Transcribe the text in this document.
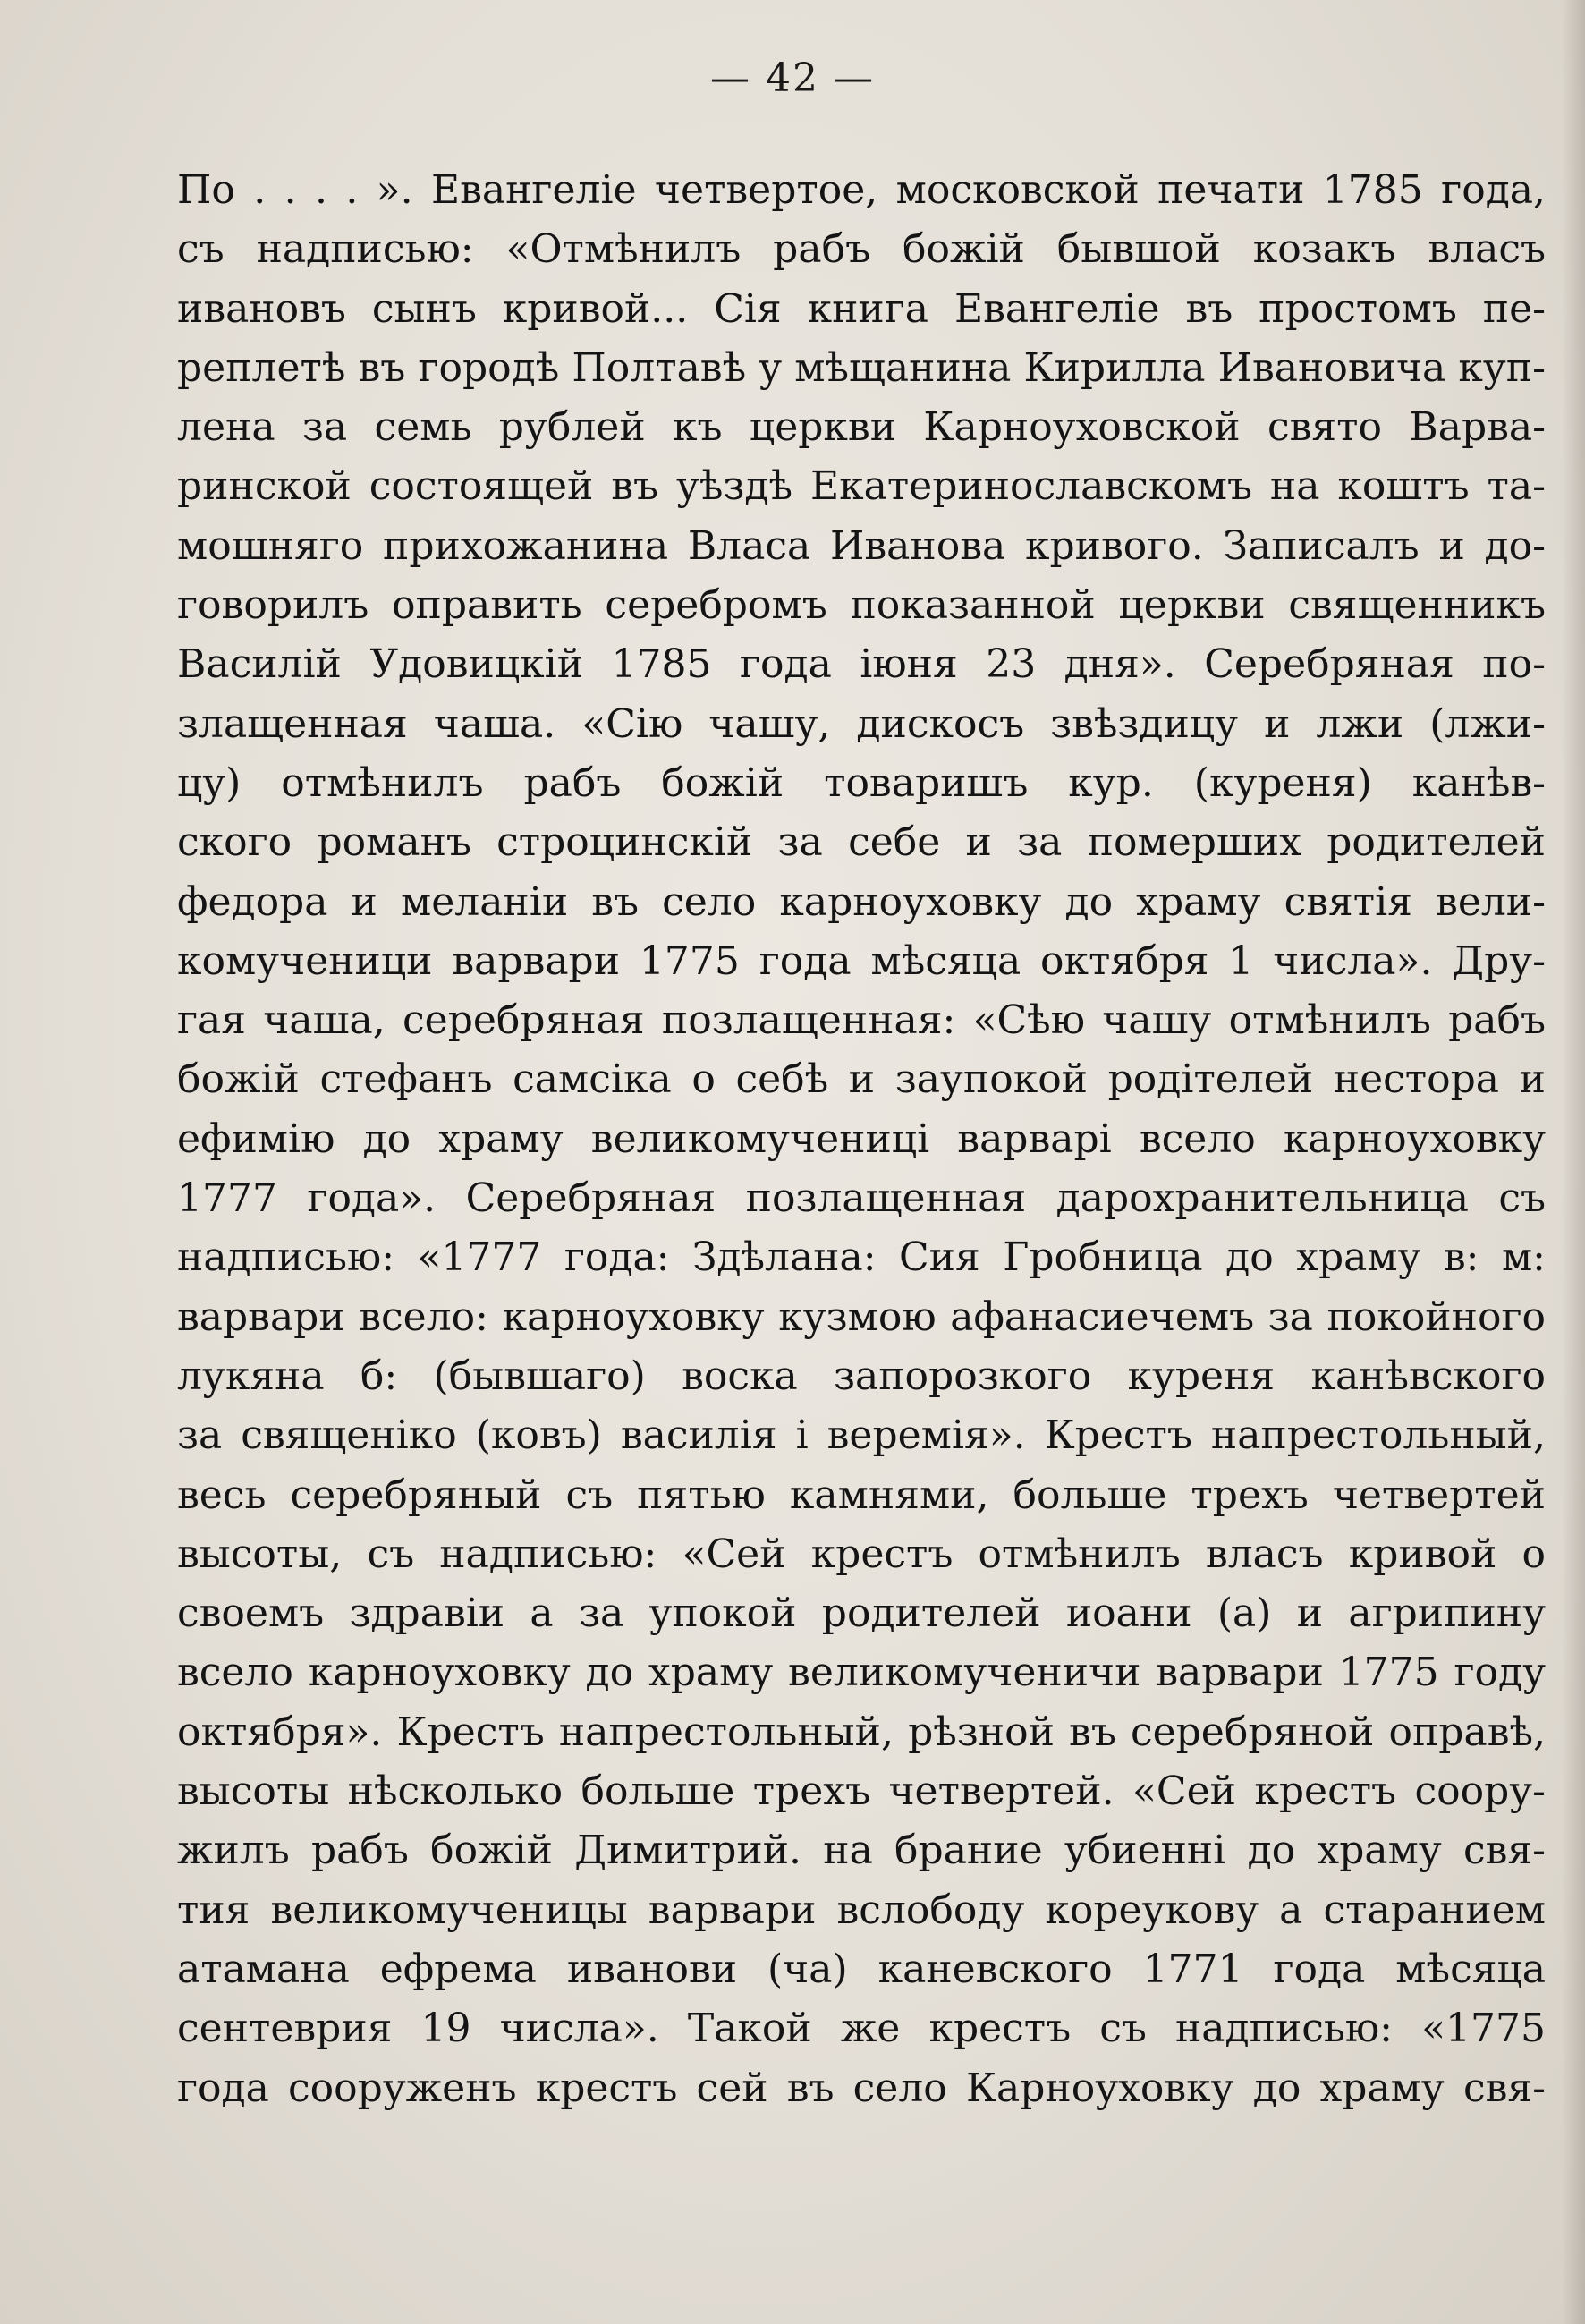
— 42 —
По . . . . ». Евангеліе четвертое, московской печати 1785 года,
съ надписью: «Отмѣнилъ рабъ божій бывшой козакъ власъ
ивановъ сынъ кривой... Сія книга Евангеліе въ простомъ пе-
реплетѣ въ городѣ Полтавѣ у мѣщанина Кирилла Ивановича куп-
лена за семь рублей къ церкви Карноуховской свято Варва-
ринской состоящей въ уѣздѣ Екатеринославскомъ на коштъ та-
мошняго прихожанина Власа Иванова кривого. Записалъ и до-
говорилъ оправить серебромъ показанной церкви священникъ
Василій Удовицкій 1785 года іюня 23 дня». Серебряная по-
злащенная чаша. «Сію чашу, дискосъ звѣздицу и лжи (лжи-
цу) отмѣнилъ рабъ божій товаришъ кур. (куреня) канѣв-
ского романъ строцинскій за себе и за померших родителей
федора и меланіи въ село карноуховку до храму святія вели-
комученици варвари 1775 года мѣсяца октября 1 числа». Дру-
гая чаша, серебряная позлащенная: «Сѣю чашу отмѣнилъ рабъ
божій стефанъ самсіка о себѣ и заупокой родітелей нестора и
ефимію до храму великомученицi варварі всело карноуховку
1777 года». Серебряная позлащенная дарохранительница съ
надписью: «1777 года: Здѣлана: Сия Гробница до храму в: м:
варвари всело: карноуховку кузмою афанасиечемъ за покойного
лукяна б: (бывшаго) воска запорозкого куреня канѣвского
за священіко (ковъ) василія і веремія». Крестъ напрестольный,
весь серебряный съ пятью камнями, больше трехъ четвертей
высоты, съ надписью: «Сей крестъ отмѣнилъ власъ кривой о
своемъ здравіи а за упокой родителей иоани (а) и агрипину
всело карноуховку до храму великомученичи варвари 1775 году
октября». Крестъ напрестольный, рѣзной въ серебряной оправѣ,
высоты нѣсколько больше трехъ четвертей. «Сей крестъ соору-
жилъ рабъ божій Димитрий. на брание убиенні до храму свя-
тия великомученицы варвари вслободу кореукову а старанием
атамана ефрема иванови (ча) каневского 1771 года мѣсяца
сентеврия 19 числа». Такой же крестъ съ надписью: «1775
года сооруженъ крестъ сей въ село Карноуховку до храму свя-
